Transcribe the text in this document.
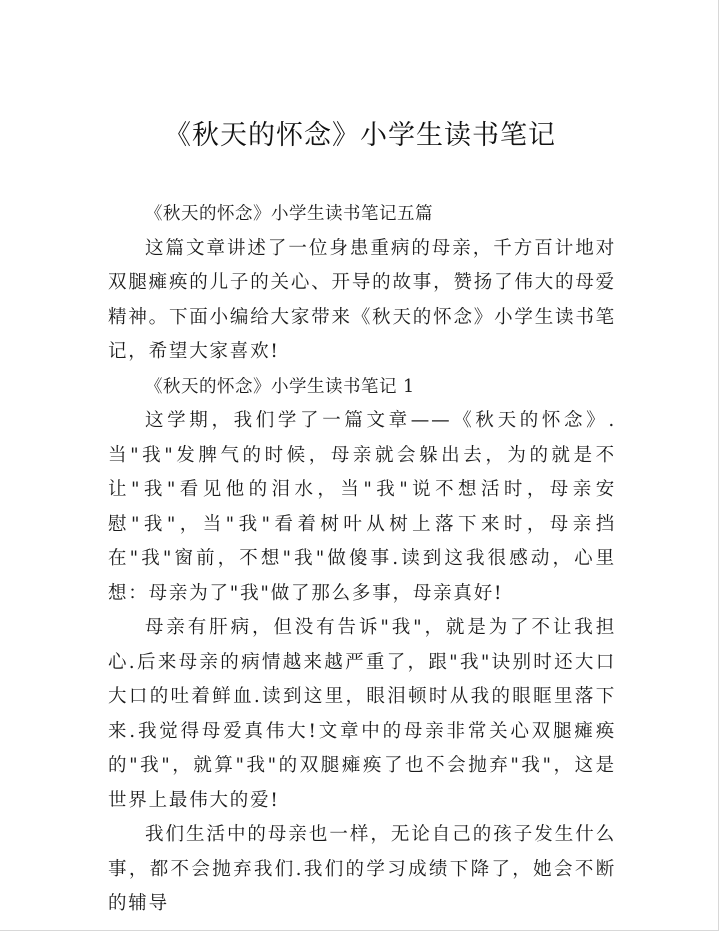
《秋天的怀念》小学生读书笔记

《秋天的怀念》小学生读书笔记五篇

这篇文章讲述了一位身患重病的母亲，千方百计地对双腿瘫痪的儿子的关心、开导的故事，赞扬了伟大的母爱精神。下面小编给大家带来《秋天的怀念》小学生读书笔记，希望大家喜欢!

《秋天的怀念》小学生读书笔记 1

这学期，我们学了一篇文章——《秋天的怀念》.当"我"发脾气的时候，母亲就会躲出去，为的就是不让"我"看见他的泪水，当"我"说不想活时，母亲安慰"我"，当"我"看着树叶从树上落下来时，母亲挡在"我"窗前，不想"我"做傻事.读到这我很感动，心里想：母亲为了"我"做了那么多事，母亲真好!

母亲有肝病，但没有告诉"我"，就是为了不让我担心.后来母亲的病情越来越严重了，跟"我"诀别时还大口大口的吐着鲜血.读到这里，眼泪顿时从我的眼眶里落下来.我觉得母爱真伟大!文章中的母亲非常关心双腿瘫痪的"我"，就算"我"的双腿瘫痪了也不会抛弃"我"，这是世界上最伟大的爱!

我们生活中的母亲也一样，无论自己的孩子发生什么事，都不会抛弃我们.我们的学习成绩下降了，她会不断的辅导
